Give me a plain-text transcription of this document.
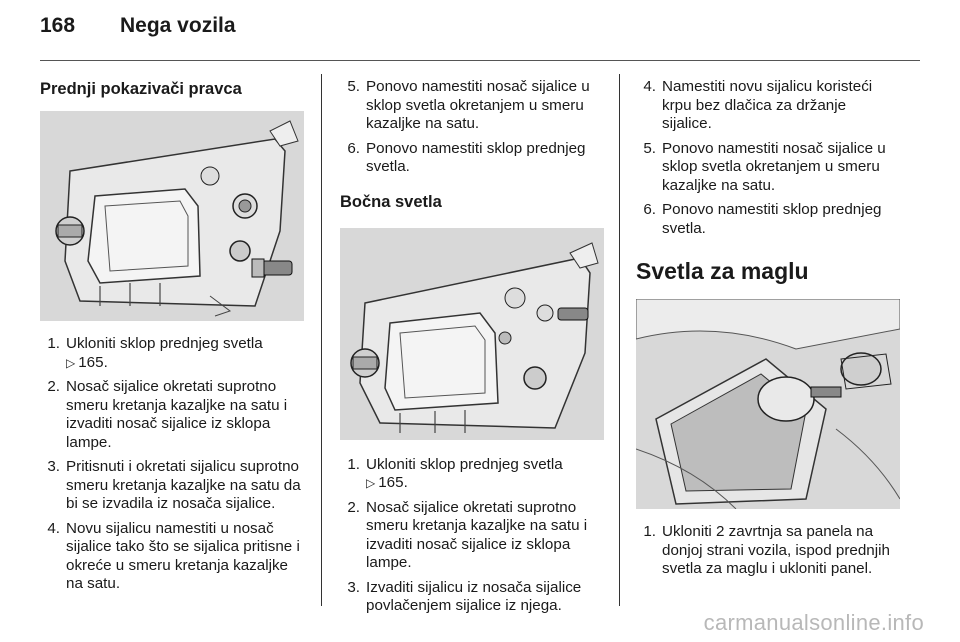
168	Nega vozila
Prednji pokazivači pravca
1. Ukloniti sklop prednjeg svetla
▷ 165.
2. Nosač sijalice okretati suprotno smeru kretanja kazaljke na satu i izvaditi nosač sijalice iz sklopa lampe.
3. Pritisnuti i okretati sijalicu suprotno smeru kretanja kazaljke na satu da bi se izvadila iz nosača sijalice.
4. Novu sijalicu namestiti u nosač sijalice tako što se sijalica pritisne i okreće u smeru kretanja kazaljke na satu.
5. Ponovo namestiti nosač sijalice u sklop svetla okretanjem u smeru kazaljke na satu.
6. Ponovo namestiti sklop prednjeg svetla.
Bočna svetla
1. Ukloniti sklop prednjeg svetla
▷ 165.
2. Nosač sijalice okretati suprotno smeru kretanja kazaljke na satu i izvaditi nosač sijalice iz sklopa lampe.
3. Izvaditi sijalicu iz nosača sijalice povlačenjem sijalice iz njega.
4. Namestiti novu sijalicu koristeći krpu bez dlačica za držanje sijalice.
5. Ponovo namestiti nosač sijalice u sklop svetla okretanjem u smeru kazaljke na satu.
6. Ponovo namestiti sklop prednjeg svetla.
Svetla za maglu
1. Ukloniti 2 zavrtnja sa panela na donjoj strani vozila, ispod prednjih svetla za maglu i ukloniti panel.
carmanualsonline.info
